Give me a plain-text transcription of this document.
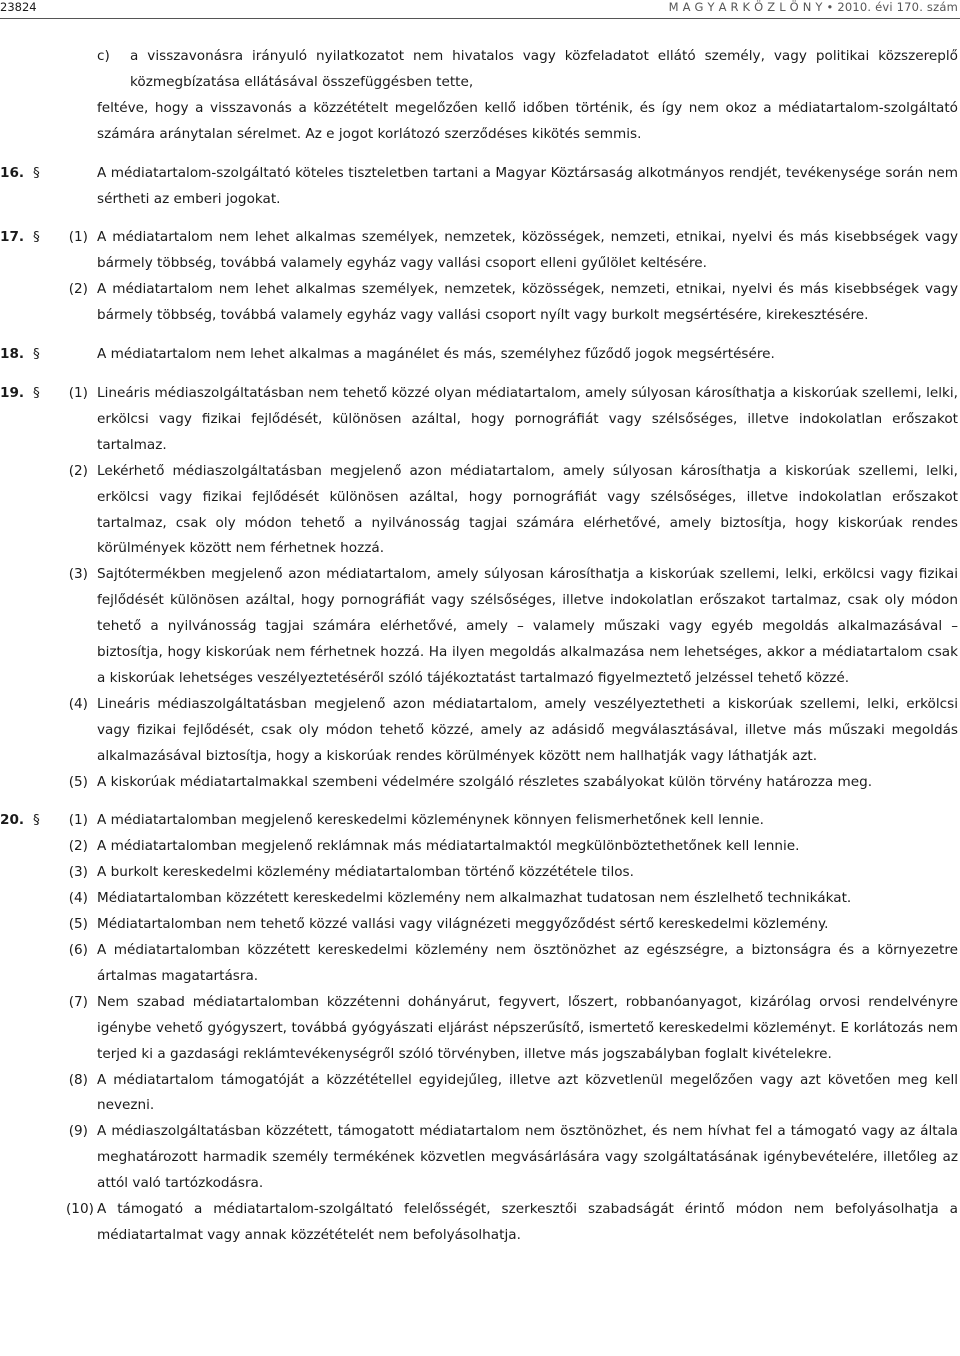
23824	M A G Y A R K Ö Z L Ö N Y • 2010. évi 170. szám
c) a visszavonásra irányuló nyilatkozatot nem hivatalos vagy közfeladatot ellátó személy, vagy politikai közszereplő közmegbízatása ellátásával összefüggésben tette,
feltéve, hogy a visszavonás a közzétételt megelőzően kellő időben történik, és így nem okoz a médiatartalom-szolgáltató számára aránytalan sérelmet. Az e jogot korlátozó szerződéses kikötés semmis.
16. §	A médiatartalom-szolgáltató köteles tiszteletben tartani a Magyar Köztársaság alkotmányos rendjét, tevékenysége során nem sértheti az emberi jogokat.
17. § (1) A médiatartalom nem lehet alkalmas személyek, nemzetek, közösségek, nemzeti, etnikai, nyelvi és más kisebbségek vagy bármely többség, továbbá valamely egyház vagy vallási csoport elleni gyűlölet keltésére.
(2) A médiatartalom nem lehet alkalmas személyek, nemzetek, közösségek, nemzeti, etnikai, nyelvi és más kisebbségek vagy bármely többség, továbbá valamely egyház vagy vallási csoport nyílt vagy burkolt megsértésére, kirekesztésére.
18. §	A médiatartalom nem lehet alkalmas a magánélet és más, személyhez fűződő jogok megsértésére.
19. § (1) Lineáris médiaszolgáltatásban nem tehető közzé olyan médiatartalom, amely súlyosan károsíthatja a kiskorúak szellemi, lelki, erkölcsi vagy fizikai fejlődését, különösen azáltal, hogy pornográfiát vagy szélsőséges, illetve indokolatlan erőszakot tartalmaz.
(2) Lekérhető médiaszolgáltatásban megjelenő azon médiatartalom, amely súlyosan károsíthatja a kiskorúak szellemi, lelki, erkölcsi vagy fizikai fejlődését különösen azáltal, hogy pornográfiát vagy szélsőséges, illetve indokolatlan erőszakot tartalmaz, csak oly módon tehető a nyilvánosság tagjai számára elérhetővé, amely biztosítja, hogy kiskorúak rendes körülmények között nem férhetnek hozzá.
(3) Sajtótermékben megjelenő azon médiatartalom, amely súlyosan károsíthatja a kiskorúak szellemi, lelki, erkölcsi vagy fizikai fejlődését különösen azáltal, hogy pornográfiát vagy szélsőséges, illetve indokolatlan erőszakot tartalmaz, csak oly módon tehető a nyilvánosság tagjai számára elérhetővé, amely – valamely műszaki vagy egyéb megoldás alkalmazásával – biztosítja, hogy kiskorúak nem férhetnek hozzá. Ha ilyen megoldás alkalmazása nem lehetséges, akkor a médiatartalom csak a kiskorúak lehetséges veszélyeztetéséről szóló tájékoztatást tartalmazó figyelmeztető jelzéssel tehető közzé.
(4) Lineáris médiaszolgáltatásban megjelenő azon médiatartalom, amely veszélyeztetheti a kiskorúak szellemi, lelki, erkölcsi vagy fizikai fejlődését, csak oly módon tehető közzé, amely az adásidő megválasztásával, illetve más műszaki megoldás alkalmazásával biztosítja, hogy a kiskorúak rendes körülmények között nem hallhatják vagy láthatják azt.
(5) A kiskorúak médiatartalmakkal szembeni védelmére szolgáló részletes szabályokat külön törvény határozza meg.
20. § (1) A médiatartalomban megjelenő kereskedelmi közleménynek könnyen felismerhetőnek kell lennie.
(2) A médiatartalomban megjelenő reklámnak más médiatartalmaktól megkülönböztethetőnek kell lennie.
(3) A burkolt kereskedelmi közlemény médiatartalomban történő közzététele tilos.
(4) Médiatartalomban közzétett kereskedelmi közlemény nem alkalmazhat tudatosan nem észlelhető technikákat.
(5) Médiatartalomban nem tehető közzé vallási vagy világnézeti meggyőződést sértő kereskedelmi közlemény.
(6) A médiatartalomban közzétett kereskedelmi közlemény nem ösztönözhet az egészségre, a biztonságra és a környezetre ártalmas magatartásra.
(7) Nem szabad médiatartalomban közzétenni dohányárut, fegyvert, lőszert, robbanóanyagot, kizárólag orvosi rendelvényre igénybe vehető gyógyszert, továbbá gyógyászati eljárást népszerűsítő, ismertető kereskedelmi közleményt. E korlátozás nem terjed ki a gazdasági reklámtevékenységről szóló törvényben, illetve más jogszabályban foglalt kivételekre.
(8) A médiatartalom támogatóját a közzététellel egyidejűleg, illetve azt közvetlenül megelőzően vagy azt követően meg kell nevezni.
(9) A médiaszolgáltatásban közzétett, támogatott médiatartalom nem ösztönözhet, és nem hívhat fel a támogató vagy az általa meghatározott harmadik személy termékének közvetlen megvásárlására vagy szolgáltatásának igénybevételére, illetőleg az attól való tartózkodásra.
(10) A támogató a médiatartalom-szolgáltató felelősségét, szerkesztői szabadságát érintő módon nem befolyásolhatja a médiatartalmat vagy annak közzétételét nem befolyásolhatja.
